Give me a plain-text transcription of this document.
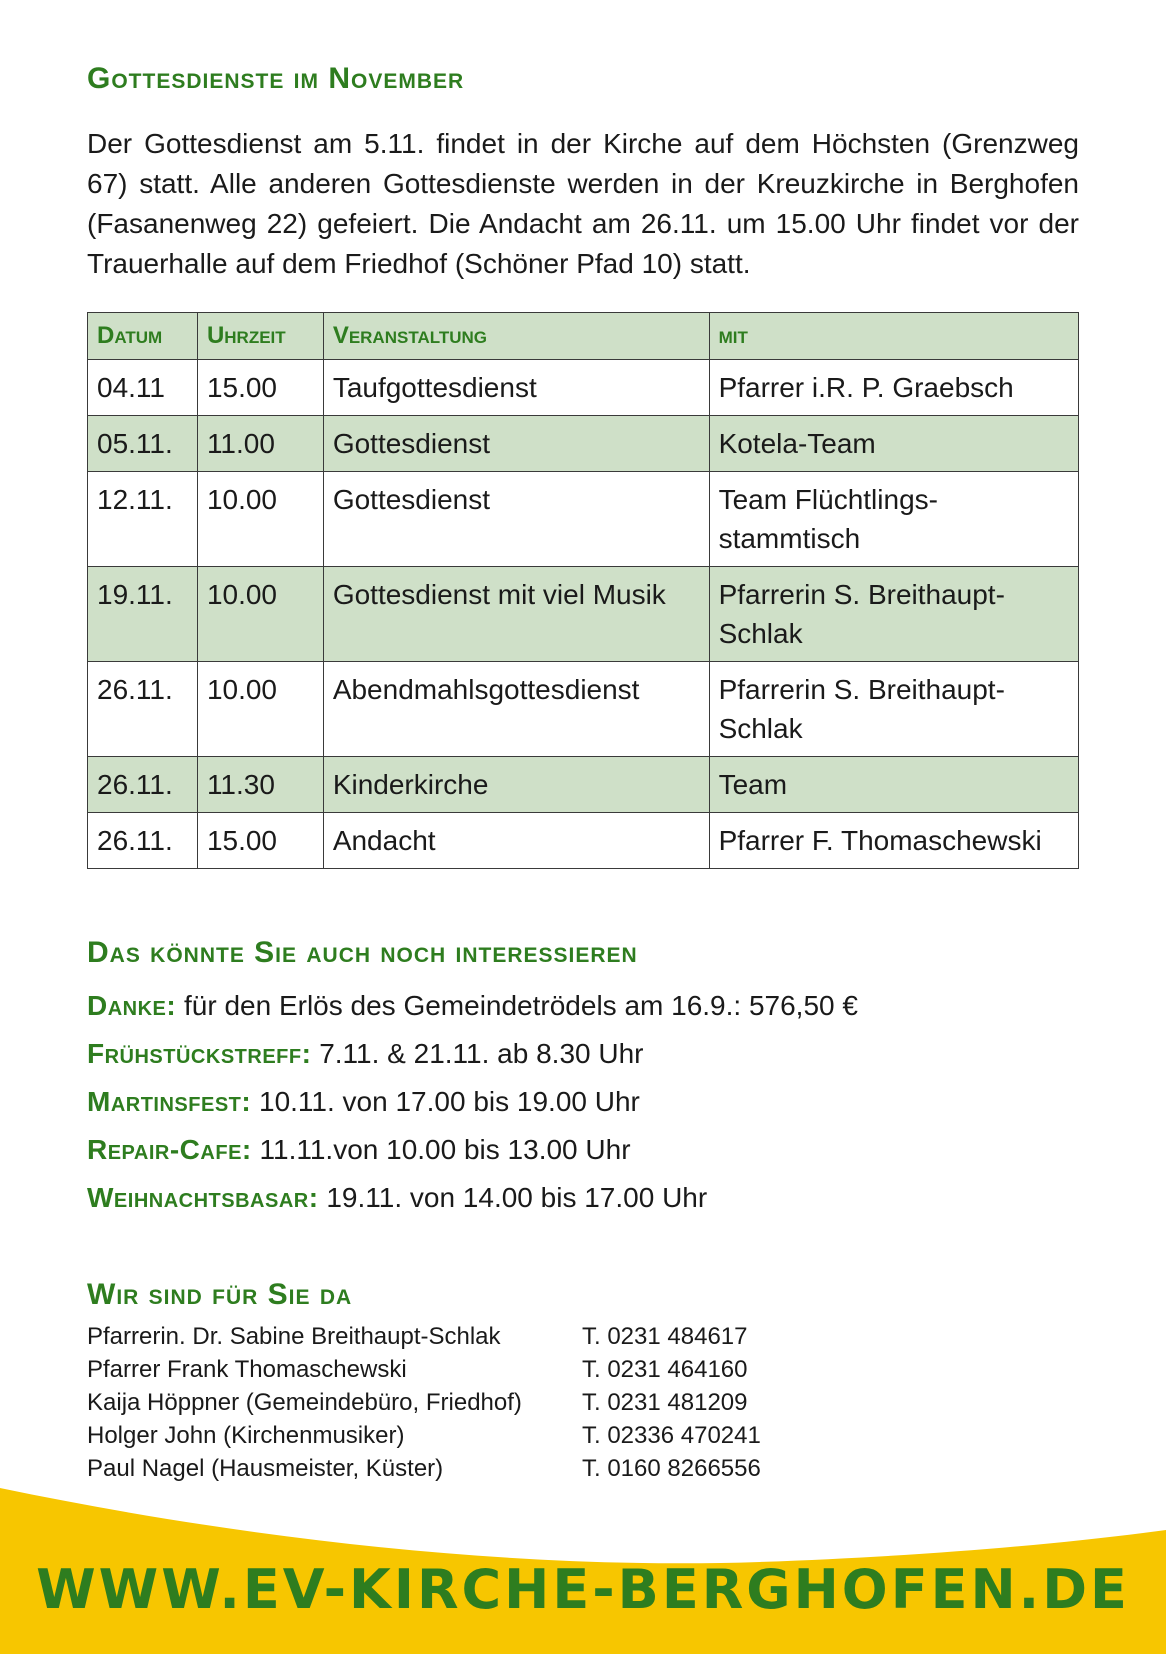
Gottesdienste im November

Der Gottesdienst am 5.11. findet in der Kirche auf dem Höchsten (Grenzweg 67) statt. Alle anderen Gottesdienste werden in der Kreuzkirche in Berghofen (Fasanenweg 22) gefeiert. Die Andacht am 26.11. um 15.00 Uhr findet vor der Trauerhalle auf dem Friedhof (Schöner Pfad 10) statt.

Datum	Uhrzeit	Veranstaltung	mit
04.11	15.00	Taufgottesdienst	Pfarrer i.R. P. Graebsch
05.11.	11.00	Gottesdienst	Kotela-Team
12.11.	10.00	Gottesdienst	Team Flüchtlings-stammtisch
19.11.	10.00	Gottesdienst mit viel Musik	Pfarrerin S. Breithaupt-Schlak
26.11.	10.00	Abendmahlsgottesdienst	Pfarrerin S. Breithaupt-Schlak
26.11.	11.30	Kinderkirche	Team
26.11.	15.00	Andacht	Pfarrer F. Thomaschewski
Das könnte Sie auch noch interessieren
Danke: für den Erlös des Gemeindetrödels am 16.9.: 576,50 €
Frühstückstreff: 7.11. & 21.11. ab 8.30 Uhr
Martinsfest: 10.11. von 17.00 bis 19.00 Uhr
Repair-Cafe: 11.11.von 10.00 bis 13.00 Uhr
Weihnachtsbasar: 19.11. von 14.00 bis 17.00 Uhr
Wir sind für Sie da
Pfarrerin. Dr. Sabine Breithaupt-Schlak	T. 0231 484617
Pfarrer Frank Thomaschewski	T. 0231 464160
Kaija Höppner (Gemeindebüro, Friedhof)	T. 0231 481209
Holger John (Kirchenmusiker)	T. 02336 470241
Paul Nagel (Hausmeister, Küster)	T. 0160 8266556
WWW.EV-KIRCHE-BERGHOFEN.DE
